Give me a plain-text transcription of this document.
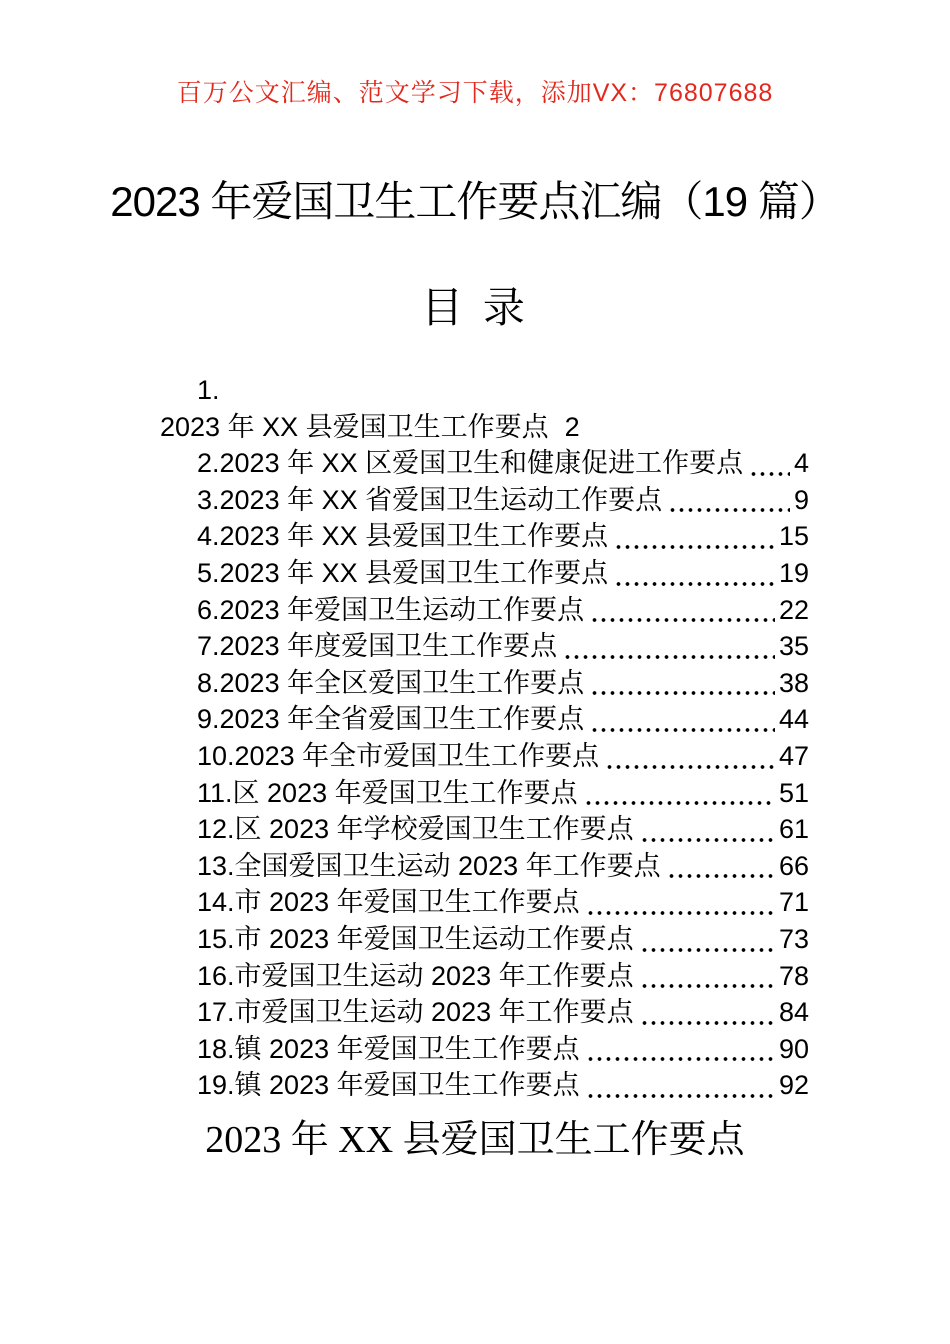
百万公文汇编、范文学习下载，添加VX：76807688
2023 年爱国卫生工作要点汇编（19 篇）
目 录
1.
2023 年 XX 县爱国卫生工作要点 2
2.2023 年 XX 区爱国卫生和健康促进工作要点 4
3.2023 年 XX 省爱国卫生运动工作要点	9
4.2023 年 XX 县爱国卫生工作要点	15
5.2023 年 XX 县爱国卫生工作要点	19
6.2023 年爱国卫生运动工作要点	22
7.2023 年度爱国卫生工作要点	35
8.2023 年全区爱国卫生工作要点	38
9.2023 年全省爱国卫生工作要点	44
10.2023 年全市爱国卫生工作要点	47
11.区 2023 年爱国卫生工作要点	51
12.区 2023 年学校爱国卫生工作要点	61
13.全国爱国卫生运动 2023 年工作要点	66
14.市 2023 年爱国卫生工作要点	71
15.市 2023 年爱国卫生运动工作要点	73
16.市爱国卫生运动 2023 年工作要点	78
17.市爱国卫生运动 2023 年工作要点	84
18.镇 2023 年爱国卫生工作要点	90
19.镇 2023 年爱国卫生工作要点	92
2023 年 XX 县爱国卫生工作要点
